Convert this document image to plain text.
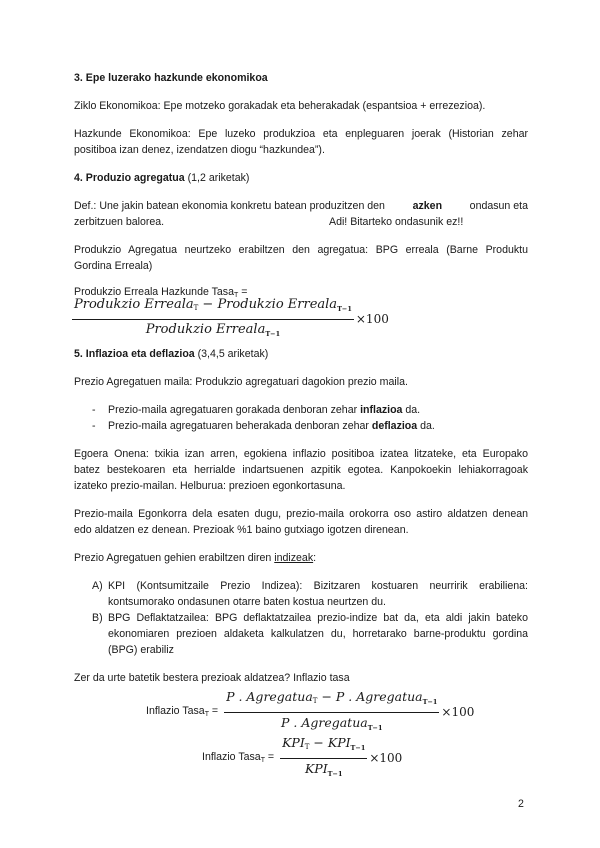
3. Epe luzerako hazkunde ekonomikoa
Ziklo Ekonomikoa: Epe motzeko gorakadak eta beherakadak (espantsioa + errezezioa).
Hazkunde Ekonomikoa: Epe luzeko produkzioa eta enpleguaren joerak (Historian zehar
positiboa izan denez, izendatzen diogu “hazkundea”).
4. Produzio agregatua (1,2 ariketak)
Def.: Une jakin batean ekonomia konkretu batean produzitzen den	azken	ondasun eta
zerbitzuen balorea.	Adi! Bitarteko ondasunik ez!!
Produkzio Agregatua neurtzeko erabiltzen den agregatua: BPG erreala (Barne Produktu
Gordina Erreala)
Produkzio Erreala Hazkunde Tasa$_T$ =
$\frac{Produkzio Erreala_T - Produkzio Erreala_{T-1}}{Produkzio Erreala_{T-1}} \times 100$
5. Inflazioa eta deflazioa (3,4,5 ariketak)
Prezio Agregatuen maila: Produkzio agregatuari dagokion prezio maila.
- Prezio-maila agregatuaren gorakada denboran zehar inflazioa da.
- Prezio-maila agregatuaren beherakada denboran zehar deflazioa da.
Egoera Onena: txikia izan arren, egokiena inflazio positiboa izatea litzateke, eta Europako
batez bestekoaren eta herrialde indartsuenen azpitik egotea. Kanpokoekin lehiakorragoak
izateko prezio-mailan. Helburua: prezioen egonkortasuna.
Prezio-maila Egonkorra dela esaten dugu, prezio-maila orokorra oso astiro aldatzen denean
edo aldatzen ez denean. Prezioak %1 baino gutxiago igotzen direnean.
Prezio Agregatuen gehien erabiltzen diren indizeak:
A) KPI (Kontsumitzaile Prezio Indizea): Bizitzaren kostuaren neurririk erabiliena:
kontsumorako ondasunen otarre baten kostua neurtzen du.
B) BPG Deflaktatzailea: BPG deflaktatzailea prezio-indize bat da, eta aldi jakin bateko
ekonomiaren prezioen aldaketa kalkulatzen du, horretarako barne-produktu gordina
(BPG) erabiliz
Zer da urte batetik bestera prezioak aldatzea? Inflazio tasa
Inflazio Tasa$_T$ = $\frac{P . Agregatua_T - P . Agregatua_{T-1}}{P . Agregatua_{T-1}} \times 100$
Inflazio Tasa$_T$ = $\frac{KPI_T - KPI_{T-1}}{KPI_{T-1}} \times 100$
2
